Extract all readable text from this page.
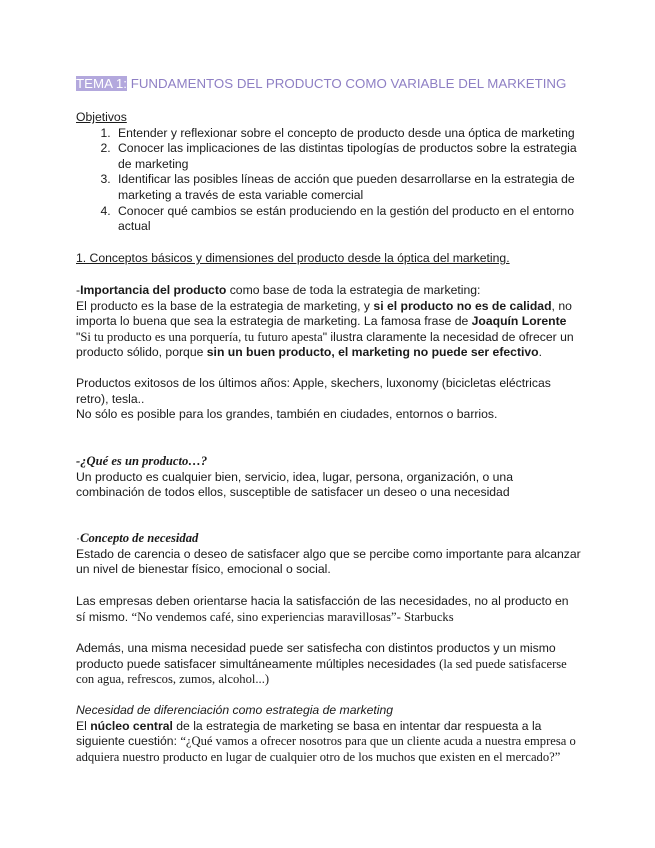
TEMA 1: FUNDAMENTOS DEL PRODUCTO COMO VARIABLE DEL MARKETING
Objetivos
1. Entender y reflexionar sobre el concepto de producto desde una óptica de marketing
2. Conocer las implicaciones de las distintas tipologías de productos sobre la estrategia de marketing
3. Identificar las posibles líneas de acción que pueden desarrollarse en la estrategia de marketing a través de esta variable comercial
4. Conocer qué cambios se están produciendo en la gestión del producto en el entorno actual
1. Conceptos básicos y dimensiones del producto desde la óptica del marketing.
-Importancia del producto como base de toda la estrategia de marketing:

El producto es la base de la estrategia de marketing, y si el producto no es de calidad, no importa lo buena que sea la estrategia de marketing. La famosa frase de Joaquín Lorente "Si tu producto es una porquería, tu futuro apesta" ilustra claramente la necesidad de ofrecer un producto sólido, porque sin un buen producto, el marketing no puede ser efectivo.

Productos exitosos de los últimos años: Apple, skechers, luxonomy (bicicletas eléctricas retro), tesla..

No sólo es posible para los grandes, también en ciudades, entornos o barrios.

-¿Qué es un producto…?

Un producto es cualquier bien, servicio, idea, lugar, persona, organización, o una combinación de todos ellos, susceptible de satisfacer un deseo o una necesidad

·Concepto de necesidad

Estado de carencia o deseo de satisfacer algo que se percibe como importante para alcanzar un nivel de bienestar físico, emocional o social.

Las empresas deben orientarse hacia la satisfacción de las necesidades, no al producto en sí mismo. “No vendemos café, sino experiencias maravillosas”- Starbucks

Además, una misma necesidad puede ser satisfecha con distintos productos y un mismo producto puede satisfacer simultáneamente múltiples necesidades (la sed puede satisfacerse con agua, refrescos, zumos, alcohol...)

Necesidad de diferenciación como estrategia de marketing

El núcleo central de la estrategia de marketing se basa en intentar dar respuesta a la siguiente cuestión: “¿Qué vamos a ofrecer nosotros para que un cliente acuda a nuestra empresa o adquiera nuestro producto en lugar de cualquier otro de los muchos que existen en el mercado?”
